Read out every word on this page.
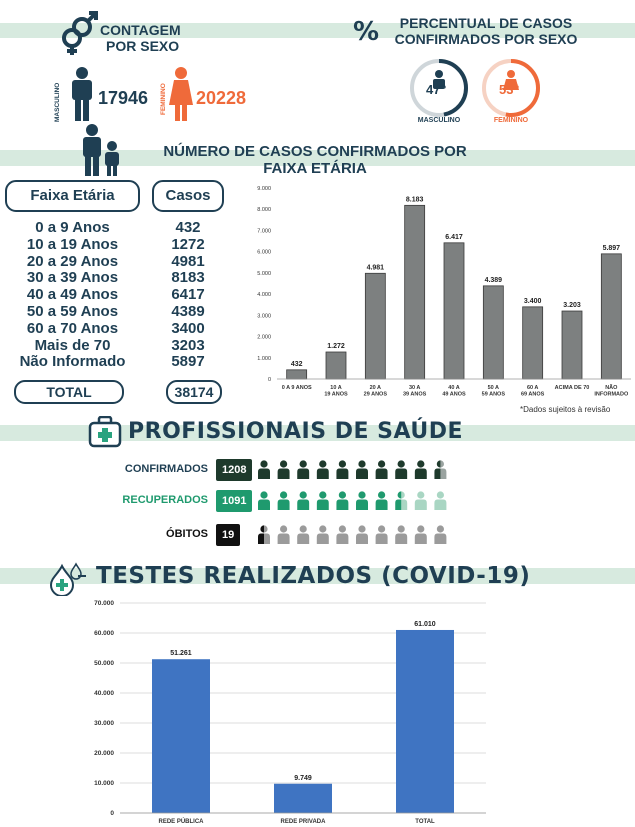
CONTAGEM
POR SEXO
MASCULINO 17946 FEMININO 20228
%	PERCENTUAL DE CASOS
CONFIRMADOS POR SEXO
47%
MASCULINO
53%
FEMININO
NÚMERO DE CASOS CONFIRMADOS POR
FAIXA ETÁRIA
Faixa Etária	Casos
0 a 9 Anos	432
10 a 19 Anos	1272
20 a 29 Anos	4981
30 a 39 Anos	8183
40 a 49 Anos	6417
50 a 59 Anos	4389
60 a 70 Anos	3400
Mais de 70	3203
Não Informado	5897
TOTAL	38174
0
1.000
2.000
3.000
4.000
5.000
6.000
7.000
8.000
9.000
432
0 A 9 ANOS
1.272
10 A 19 ANOS
4.981
20 A 29 ANOS
8.183
30 A 39 ANOS
6.417
40 A 49 ANOS
4.389
50 A 59 ANOS
3.400
60 A 69 ANOS
3.203
ACIMA DE 70
5.897
NÃO INFORMADO
*Dados sujeitos à revisão
PROFISSIONAIS DE SAÚDE
CONFIRMADOS	1208
RECUPERADOS	1091
ÓBITOS	19
TESTES REALIZADOS (COVID-19)
0
10.000
20.000
30.000
40.000
50.000
60.000
70.000
51.261
REDE PÚBLICA
9.749
REDE PRIVADA
61.010
TOTAL
